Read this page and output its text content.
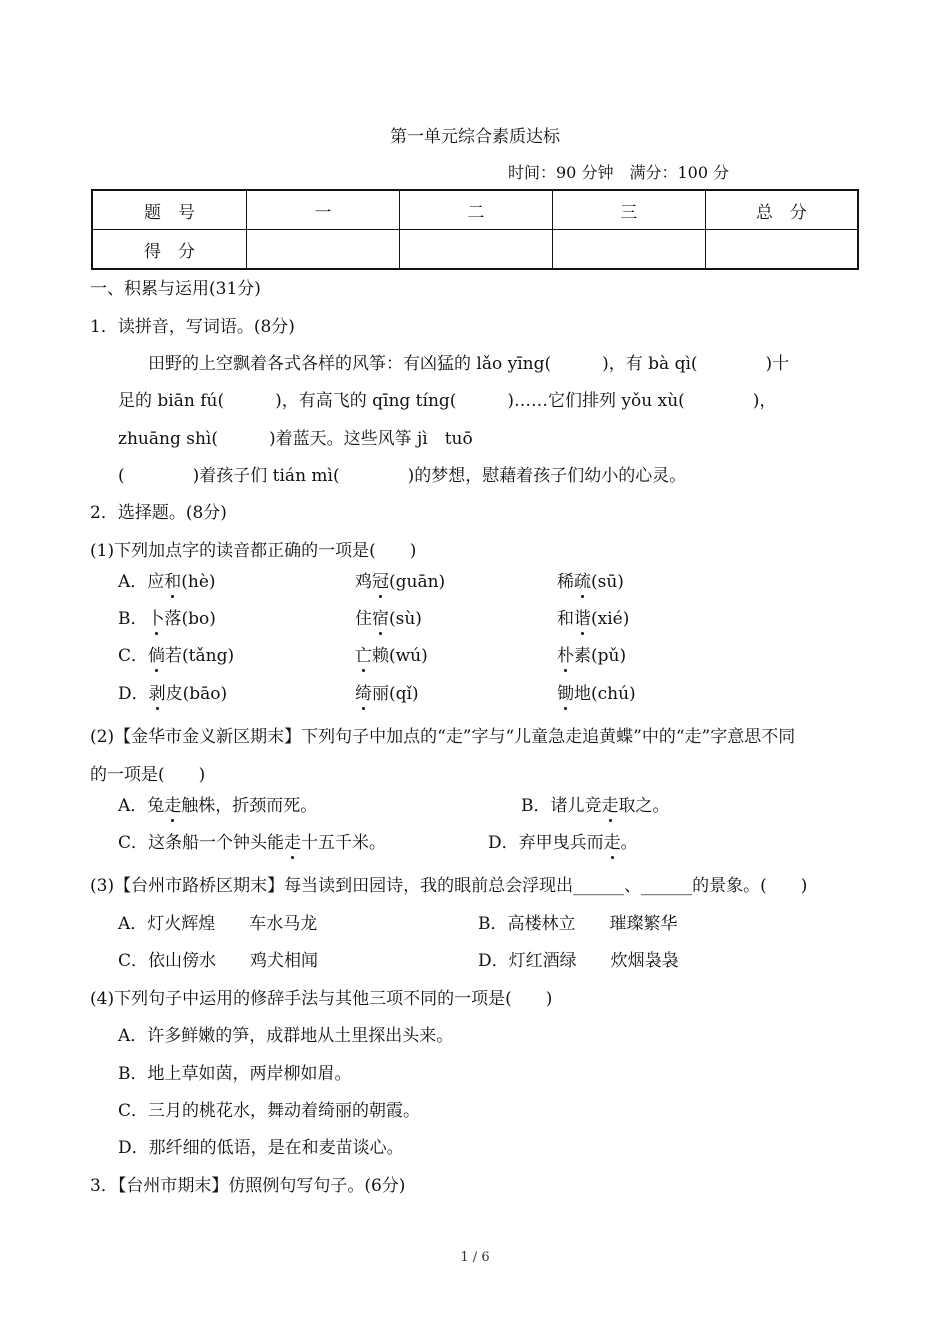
第一单元综合素质达标
时间：90 分钟　 满分：100 分
题　号	一	二	三	总　分
得　分				
一、积累与运用(31分)
1．读拼音，写词语。(8分)
田野的上空飘着各式各样的风筝：有凶猛的 lǎo yīng(　　　)，有 bà qì(　　　　)十
足的 biān fú(　　　)，有高飞的 qīng tíng(　　　)……它们排列 yǒu xù(　　　　)，
zhuāng shì(　　　)着蓝天。这些风筝 jì　tuō
(　　　　)着孩子们 tián mì(　　　　)的梦想，慰藉着孩子们幼小的心灵。
2．选择题。(8分)
(1)下列加点字的读音都正确的一项是(　　)
A．应和(hè)	鸡冠(guān)	稀疏(sū)
B．卜落(bo)	住宿(sù)	和谐(xié)
C．倘若(tǎng)	亡赖(wú)	朴素(pǔ)
D．剥皮(bāo)	绮丽(qǐ)	锄地(chú)
(2)【金华市金义新区期末】下列句子中加点的“走”字与“儿童急走追黄蝶”中的“走”字意思不同
的一项是(　　)
A．兔走触株，折颈而死。	B．诸儿竞走取之。
C．这条船一个钟头能走十五千米。	D．弃甲曳兵而走。
(3)【台州市路桥区期末】每当读到田园诗，我的眼前总会浮现出______、______的景象。(　　)
A．灯火辉煌　　车水马龙	B．高楼林立　　璀璨繁华
C．依山傍水　　鸡犬相闻	D．灯红酒绿　　炊烟袅袅
(4)下列句子中运用的修辞手法与其他三项不同的一项是(　　)
A．许多鲜嫩的笋，成群地从土里探出头来。
B．地上草如茵，两岸柳如眉。
C．三月的桃花水，舞动着绮丽的朝霞。
D．那纤细的低语，是在和麦苗谈心。
3．【台州市期末】仿照例句写句子。(6分)
1 / 6
